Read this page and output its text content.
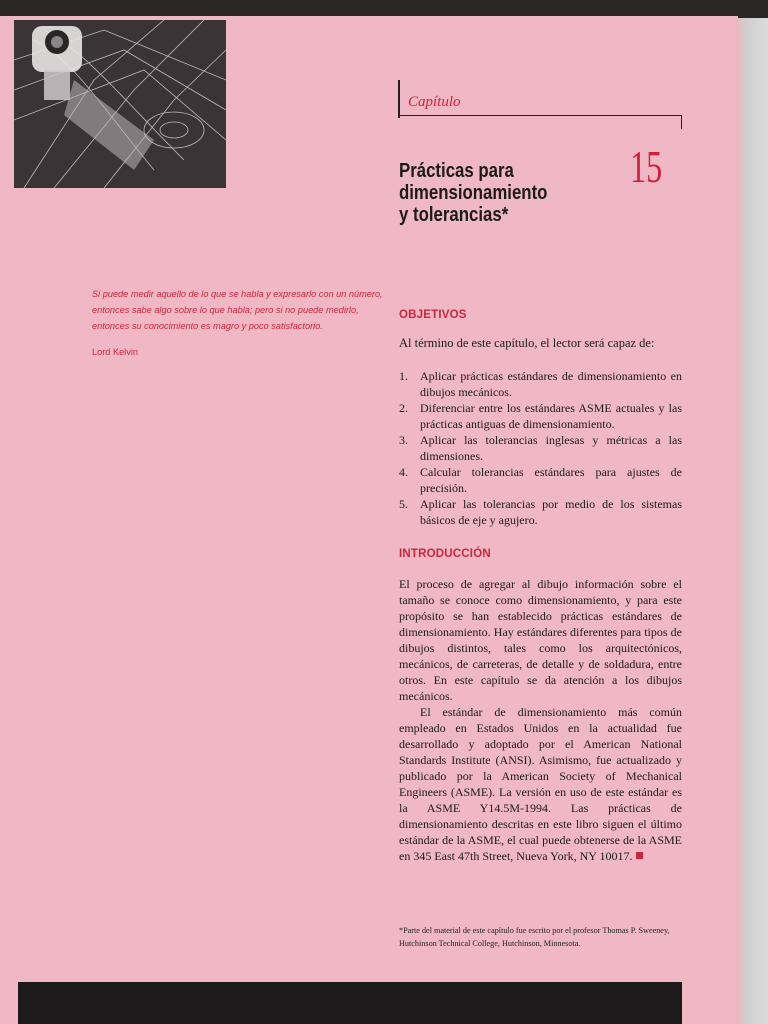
Capítulo

15

Prácticas para
dimensionamiento
y tolerancias*

Si puede medir aquello de lo que se habla y expresarlo con un número, entonces sabe algo sobre lo que habla; pero si no puede medirlo, entonces su conocimiento es magro y poco satisfactorio.

Lord Kelvin

OBJETIVOS

Al término de este capítulo, el lector será capaz de:

1. Aplicar prácticas estándares de dimensionamiento en dibujos mecánicos.
2. Diferenciar entre los estándares ASME actuales y las prácticas antiguas de dimensionamiento.
3. Aplicar las tolerancias inglesas y métricas a las dimensiones.
4. Calcular tolerancias estándares para ajustes de precisión.
5. Aplicar las tolerancias por medio de los sistemas básicos de eje y agujero.
INTRODUCCIÓN

El proceso de agregar al dibujo información sobre el tamaño se conoce como dimensionamiento, y para este propósito se han establecido prácticas estándares de dimensionamiento. Hay estándares diferentes para tipos de dibujos distintos, tales como los arquitectónicos, mecánicos, de carreteras, de detalle y de soldadura, entre otros. En este capítulo se da atención a los dibujos mecánicos.

El estándar de dimensionamiento más común empleado en Estados Unidos en la actualidad fue desarrollado y adoptado por el American National Standards Institute (ANSI). Asimismo, fue actualizado y publicado por la American Society of Mechanical Engineers (ASME). La versión en uso de este estándar es la ASME Y14.5M-1994. Las prácticas de dimensionamiento descritas en este libro siguen el último estándar de la ASME, el cual puede obtenerse de la ASME en 345 East 47th Street, Nueva York, NY 10017.

*Parte del material de este capítulo fue escrito por el profesor Thomas P. Sweeney, Hutchinson Technical College, Hutchinson, Minnesota.
